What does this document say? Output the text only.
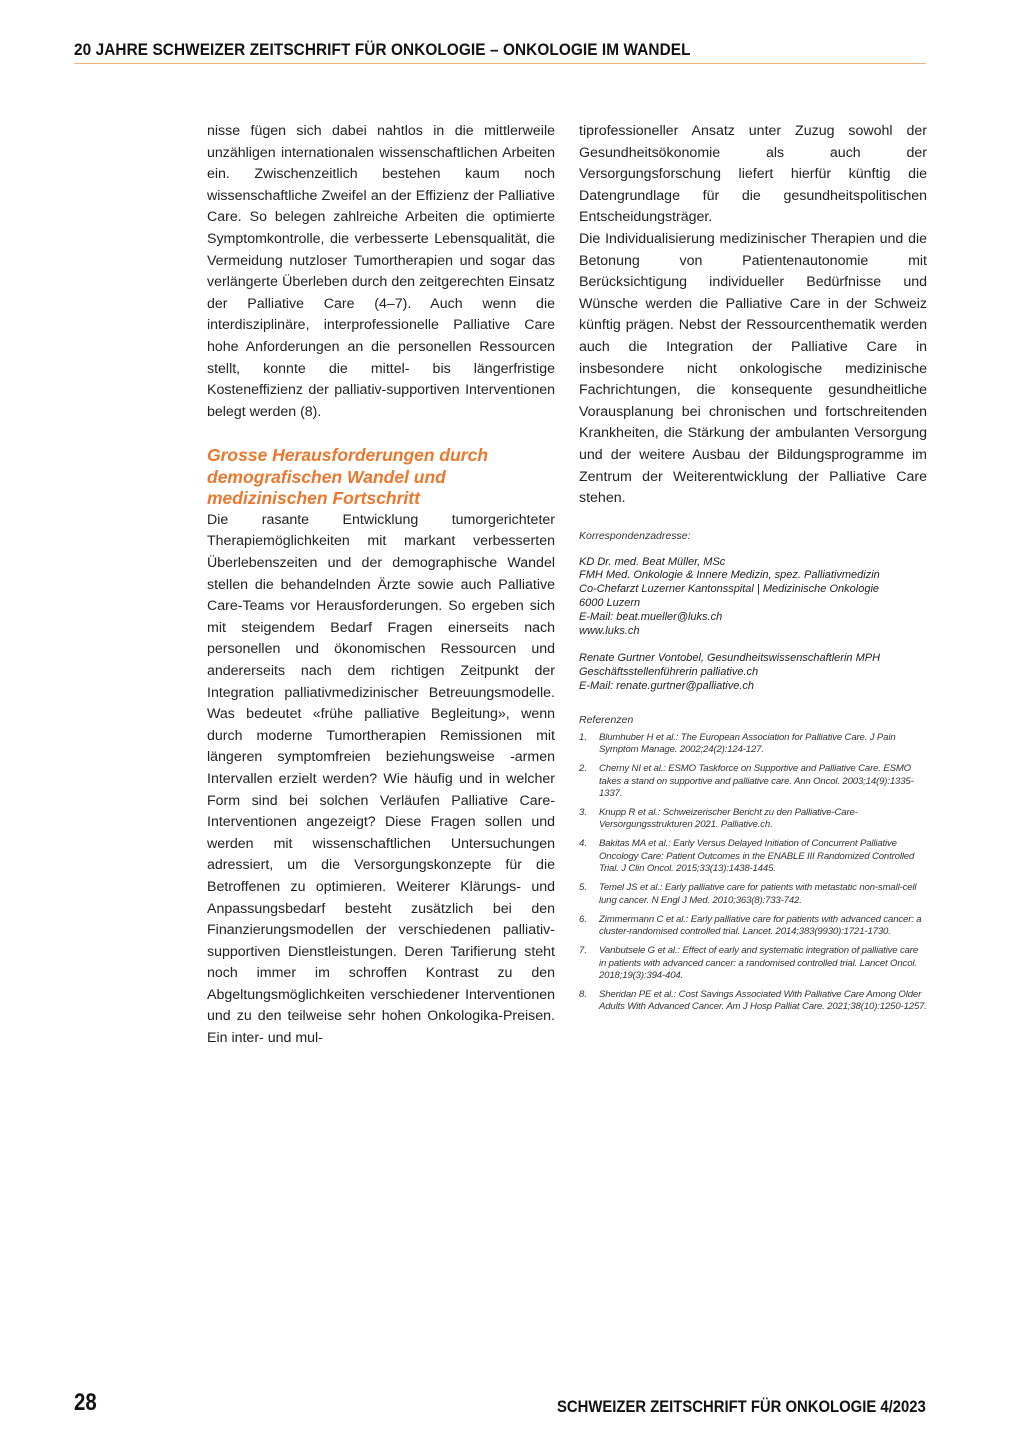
20 JAHRE SCHWEIZER ZEITSCHRIFT FÜR ONKOLOGIE – ONKOLOGIE IM WANDEL

nisse fügen sich dabei nahtlos in die mittlerweile unzähligen internationalen wissenschaftlichen Arbeiten ein. Zwischenzeitlich bestehen kaum noch wissenschaftliche Zweifel an der Effizienz der Palliative Care. So belegen zahlreiche Arbeiten die optimierte Symptomkontrolle, die verbesserte Lebensqualität, die Vermeidung nutzloser Tumortherapien und sogar das verlängerte Überleben durch den zeitgerechten Einsatz der Palliative Care (4–7). Auch wenn die interdisziplinäre, interprofessionelle Palliative Care hohe Anforderungen an die personellen Ressourcen stellt, konnte die mittel- bis längerfristige Kosteneffizienz der palliativ-supportiven Interventionen belegt werden (8).

Grosse Herausforderungen durch demografischen Wandel und medizinischen Fortschritt

Die rasante Entwicklung tumorgerichteter Therapiemöglichkeiten mit markant verbesserten Überlebenszeiten und der demographische Wandel stellen die behandelnden Ärzte sowie auch Palliative Care-Teams vor Herausforderungen. So ergeben sich mit steigendem Bedarf Fragen einerseits nach personellen und ökonomischen Ressourcen und andererseits nach dem richtigen Zeitpunkt der Integration palliativmedizinischer Betreuungsmodelle. Was bedeutet «frühe palliative Begleitung», wenn durch moderne Tumortherapien Remissionen mit längeren symptomfreien beziehungsweise -armen Intervallen erzielt werden? Wie häufig und in welcher Form sind bei solchen Verläufen Palliative Care-Interventionen angezeigt? Diese Fragen sollen und werden mit wissenschaftlichen Untersuchungen adressiert, um die Versorgungskonzepte für die Betroffenen zu optimieren. Weiterer Klärungs- und Anpassungsbedarf besteht zusätzlich bei den Finanzierungsmodellen der verschiedenen palliativ-supportiven Dienstleistungen. Deren Tarifierung steht noch immer im schroffen Kontrast zu den Abgeltungsmöglichkeiten verschiedener Interventionen und zu den teilweise sehr hohen Onkologika-Preisen. Ein inter- und mul-

tiprofessioneller Ansatz unter Zuzug sowohl der Gesundheitsökonomie als auch der Versorgungsforschung liefert hierfür künftig die Datengrundlage für die gesundheitspolitischen Entscheidungsträger.

Die Individualisierung medizinischer Therapien und die Betonung von Patientenautonomie mit Berücksichtigung individueller Bedürfnisse und Wünsche werden die Palliative Care in der Schweiz künftig prägen. Nebst der Ressourcenthematik werden auch die Integration der Palliative Care in insbesondere nicht onkologische medizinische Fachrichtungen, die konsequente gesundheitliche Vorausplanung bei chronischen und fortschreitenden Krankheiten, die Stärkung der ambulanten Versorgung und der weitere Ausbau der Bildungsprogramme im Zentrum der Weiterentwicklung der Palliative Care stehen.

Korrespondenzadresse:
KD Dr. med. Beat Müller, MSc
FMH Med. Onkologie & Innere Medizin, spez. Palliativmedizin
Co-Chefarzt Luzerner Kantonsspital | Medizinische Onkologie
6000 Luzern
E-Mail: beat.mueller@luks.ch
www.luks.ch
Renate Gurtner Vontobel, Gesundheitswissenschaftlerin MPH
Geschäftsstellenführerin palliative.ch
E-Mail: renate.gurtner@palliative.ch
Referenzen
1.	Blumhuber H et al.: The European Association for Palliative Care. J Pain Symptom Manage. 2002;24(2):124-127.
2.	Cherny NI et al.: ESMO Taskforce on Supportive and Palliative Care. ESMO takes a stand on supportive and palliative care. Ann Oncol. 2003;14(9):1335-1337.
3.	Knupp R et al.: Schweizerischer Bericht zu den Palliative-Care-Versorgungsstrukturen 2021. Palliative.ch.
4.	Bakitas MA et al.: Early Versus Delayed Initiation of Concurrent Palliative Oncology Care: Patient Outcomes in the ENABLE III Randomized Controlled Trial. J Clin Oncol. 2015;33(13):1438-1445.
5.	Temel JS et al.: Early palliative care for patients with metastatic non-small-cell lung cancer. N Engl J Med. 2010;363(8):733-742.
6.	Zimmermann C et al.: Early palliative care for patients with advanced cancer: a cluster-randomised controlled trial. Lancet. 2014;383(9930):1721-1730.
7.	Vanbutsele G et al.: Effect of early and systematic integration of palliative care in patients with advanced cancer: a randomised controlled trial. Lancet Oncol. 2018;19(3):394-404.
8.	Sheridan PE et al.: Cost Savings Associated With Palliative Care Among Older Adults With Advanced Cancer. Am J Hosp Palliat Care. 2021;38(10):1250-1257.
28	SCHWEIZER ZEITSCHRIFT FÜR ONKOLOGIE 4/2023
